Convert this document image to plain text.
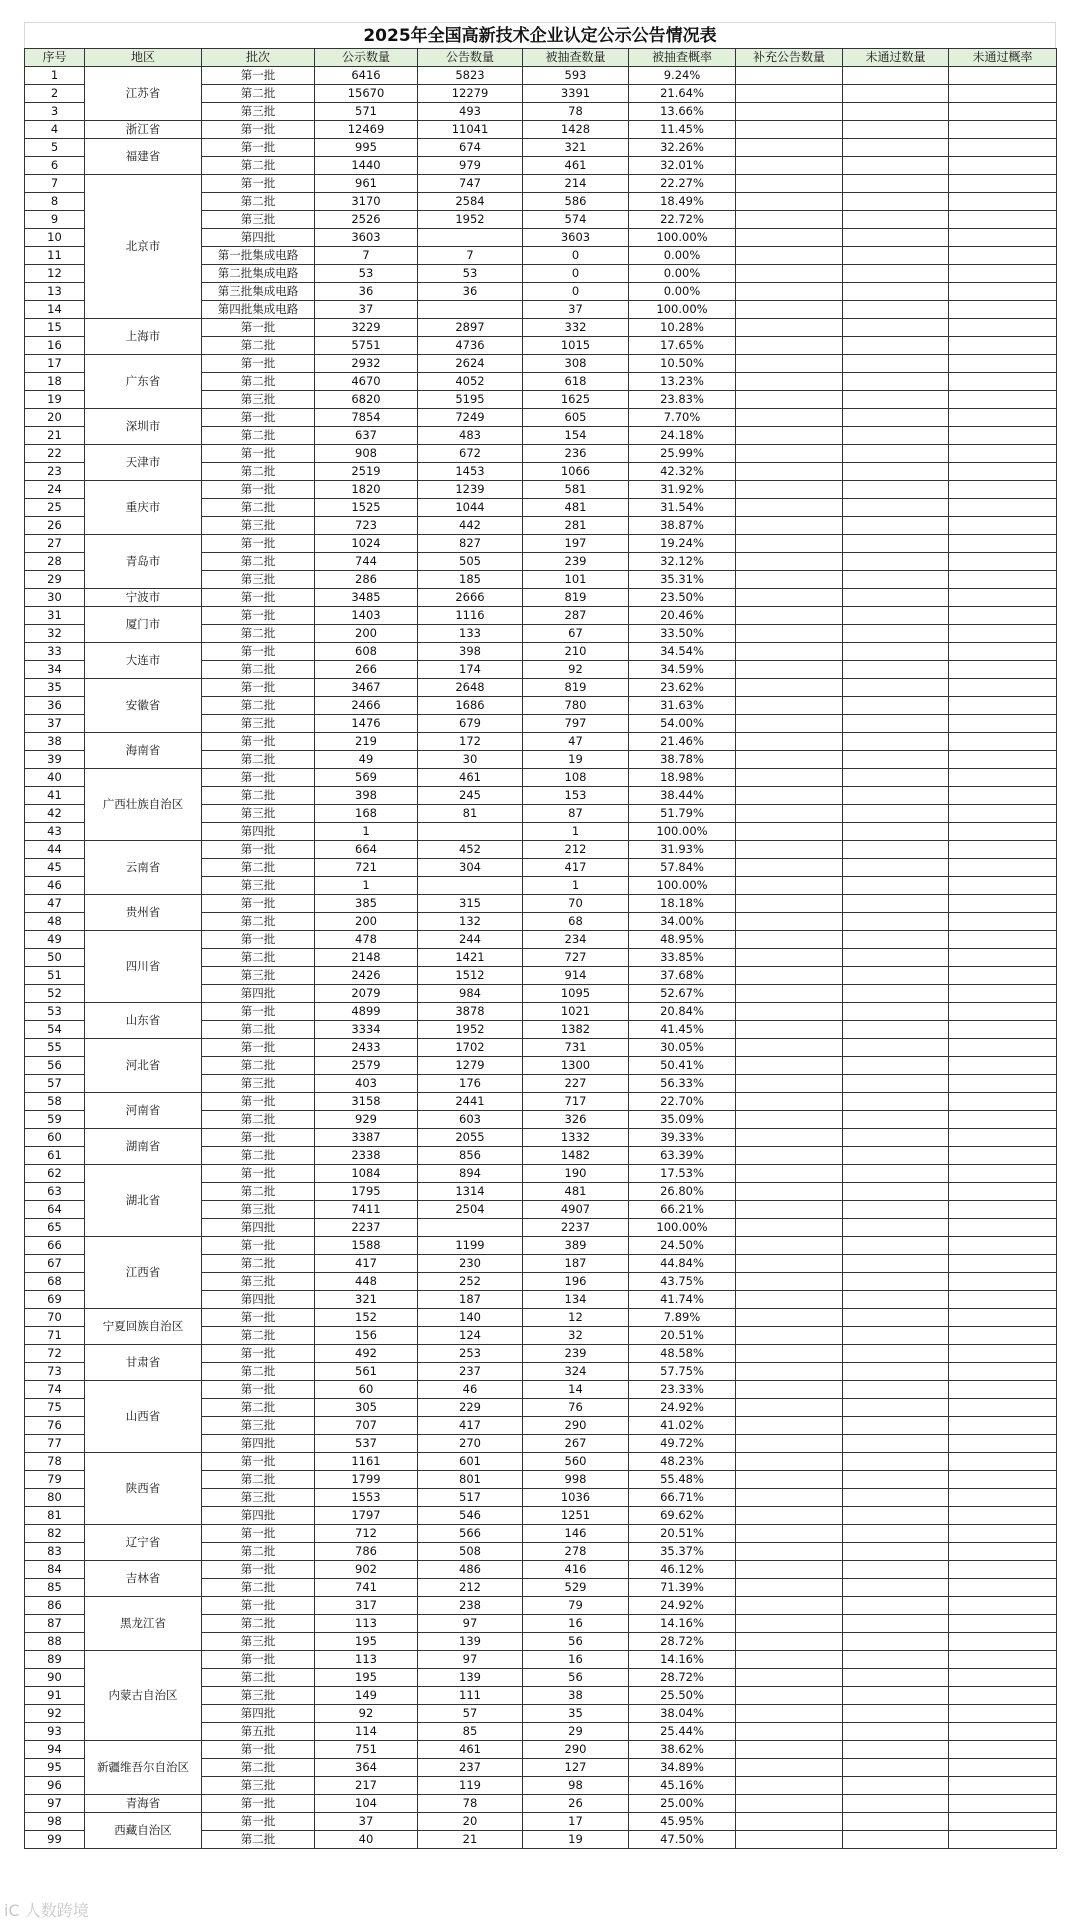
2025年全国高新技术企业认定公示公告情况表
序号	地区	批次	公示数量	公告数量	被抽查数量	被抽查概率	补充公告数量	未通过数量	未通过概率
1	江苏省	第一批	6416	5823	593	9.24%			
2		第二批	15670	12279	3391	21.64%			
3		第三批	571	493	78	13.66%			
4	浙江省	第一批	12469	11041	1428	11.45%			
5	福建省	第一批	995	674	321	32.26%			
6		第二批	1440	979	461	32.01%			
7	北京市	第一批	961	747	214	22.27%			
8		第二批	3170	2584	586	18.49%			
9		第三批	2526	1952	574	22.72%			
10		第四批	3603		3603	100.00%			
11		第一批集成电路	7	7	0	0.00%			
12		第二批集成电路	53	53	0	0.00%			
13		第三批集成电路	36	36	0	0.00%			
14		第四批集成电路	37		37	100.00%			
15	上海市	第一批	3229	2897	332	10.28%			
16		第二批	5751	4736	1015	17.65%			
17	广东省	第一批	2932	2624	308	10.50%			
18		第二批	4670	4052	618	13.23%			
19		第三批	6820	5195	1625	23.83%			
20	深圳市	第一批	7854	7249	605	7.70%			
21		第二批	637	483	154	24.18%			
22	天津市	第一批	908	672	236	25.99%			
23		第二批	2519	1453	1066	42.32%			
24	重庆市	第一批	1820	1239	581	31.92%			
25		第二批	1525	1044	481	31.54%			
26		第三批	723	442	281	38.87%			
27	青岛市	第一批	1024	827	197	19.24%			
28		第二批	744	505	239	32.12%			
29		第三批	286	185	101	35.31%			
30	宁波市	第一批	3485	2666	819	23.50%			
31	厦门市	第一批	1403	1116	287	20.46%			
32		第二批	200	133	67	33.50%			
33	大连市	第一批	608	398	210	34.54%			
34		第二批	266	174	92	34.59%			
35	安徽省	第一批	3467	2648	819	23.62%			
36		第二批	2466	1686	780	31.63%			
37		第三批	1476	679	797	54.00%			
38	海南省	第一批	219	172	47	21.46%			
39		第二批	49	30	19	38.78%			
40	广西壮族自治区	第一批	569	461	108	18.98%			
41		第二批	398	245	153	38.44%			
42		第三批	168	81	87	51.79%			
43		第四批	1		1	100.00%			
44	云南省	第一批	664	452	212	31.93%			
45		第二批	721	304	417	57.84%			
46		第三批	1		1	100.00%			
47	贵州省	第一批	385	315	70	18.18%			
48		第二批	200	132	68	34.00%			
49	四川省	第一批	478	244	234	48.95%			
50		第二批	2148	1421	727	33.85%			
51		第三批	2426	1512	914	37.68%			
52		第四批	2079	984	1095	52.67%			
53	山东省	第一批	4899	3878	1021	20.84%			
54		第二批	3334	1952	1382	41.45%			
55	河北省	第一批	2433	1702	731	30.05%			
56		第二批	2579	1279	1300	50.41%			
57		第三批	403	176	227	56.33%			
58	河南省	第一批	3158	2441	717	22.70%			
59		第二批	929	603	326	35.09%			
60	湖南省	第一批	3387	2055	1332	39.33%			
61		第二批	2338	856	1482	63.39%			
62	湖北省	第一批	1084	894	190	17.53%			
63		第二批	1795	1314	481	26.80%			
64		第三批	7411	2504	4907	66.21%			
65		第四批	2237		2237	100.00%			
66	江西省	第一批	1588	1199	389	24.50%			
67		第二批	417	230	187	44.84%			
68		第三批	448	252	196	43.75%			
69		第四批	321	187	134	41.74%			
70	宁夏回族自治区	第一批	152	140	12	7.89%			
71		第二批	156	124	32	20.51%			
72	甘肃省	第一批	492	253	239	48.58%			
73		第二批	561	237	324	57.75%			
74	山西省	第一批	60	46	14	23.33%			
75		第二批	305	229	76	24.92%			
76		第三批	707	417	290	41.02%			
77		第四批	537	270	267	49.72%			
78	陕西省	第一批	1161	601	560	48.23%			
79		第二批	1799	801	998	55.48%			
80		第三批	1553	517	1036	66.71%			
81		第四批	1797	546	1251	69.62%			
82	辽宁省	第一批	712	566	146	20.51%			
83		第二批	786	508	278	35.37%			
84	吉林省	第一批	902	486	416	46.12%			
85		第二批	741	212	529	71.39%			
86	黑龙江省	第一批	317	238	79	24.92%			
87		第二批	113	97	16	14.16%			
88		第三批	195	139	56	28.72%			
89	内蒙古自治区	第一批	113	97	16	14.16%			
90		第二批	195	139	56	28.72%			
91		第三批	149	111	38	25.50%			
92		第四批	92	57	35	38.04%			
93		第五批	114	85	29	25.44%			
94	新疆维吾尔自治区	第一批	751	461	290	38.62%			
95		第二批	364	237	127	34.89%			
96		第三批	217	119	98	45.16%			
97	青海省	第一批	104	78	26	25.00%			
98	西藏自治区	第一批	37	20	17	45.95%			
99		第二批	40	21	19	47.50%			
iC 人数跨境
